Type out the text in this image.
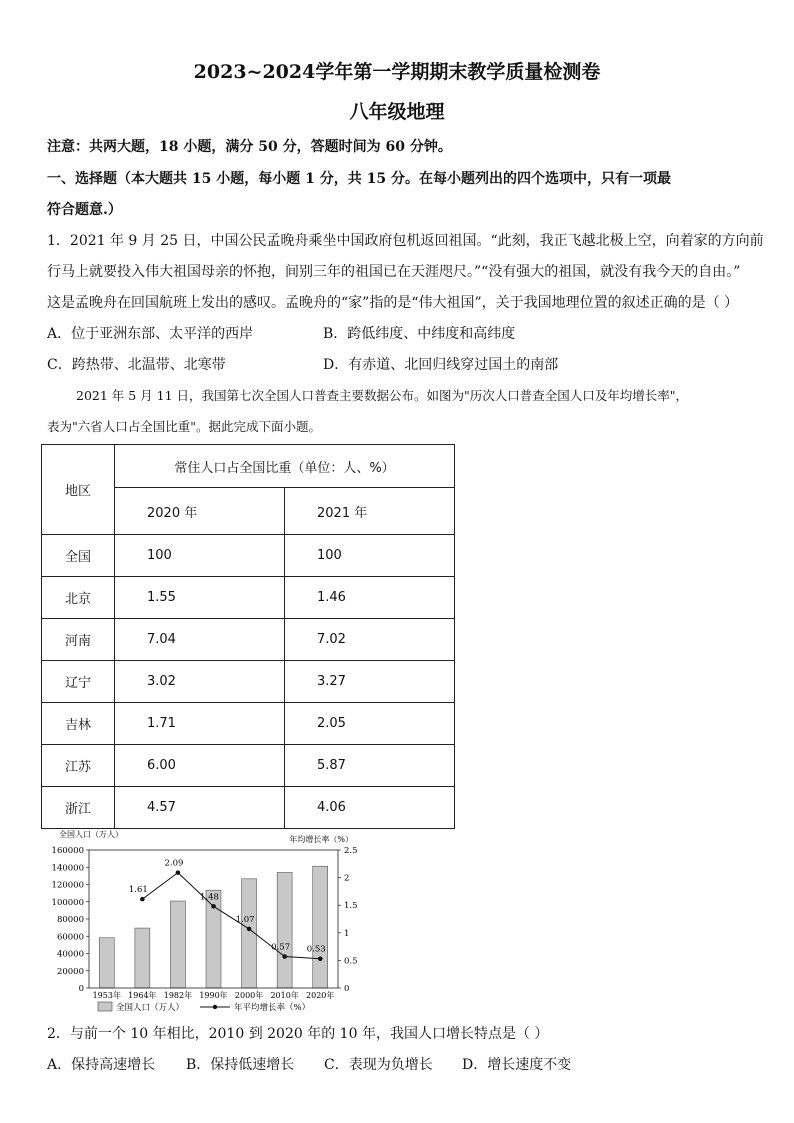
2023~2024学年第一学期期末教学质量检测卷
八年级地理
注意：共两大题，18 小题，满分 50 分，答题时间为 60 分钟。
一、选择题（本大题共 15 小题，每小题 1 分，共 15 分。在每小题列出的四个选项中，只有一项最
符合题意.）
1．2021 年 9 月 25 日，中国公民孟晚舟乘坐中国政府包机返回祖国。“此刻，我正飞越北极上空，向着家的方向前
行马上就要投入伟大祖国母亲的怀抱，间别三年的祖国已在天涯咫尺。”“没有强大的祖国，就没有我今天的自由。”
这是孟晚舟在回国航班上发出的感叹。孟晚舟的“家”指的是“伟大祖国”，关于我国地理位置的叙述正确的是（ ）
A．位于亚洲东部、太平洋的西岸	B．跨低纬度、中纬度和高纬度
C．跨热带、北温带、北寒带	D．有赤道、北回归线穿过国土的南部
2021 年 5 月 11 日，我国第七次全国人口普查主要数据公布。如图为"历次人口普查全国人口及年均增长率"，
表为"六省人口占全国比重"。据此完成下面小题。
地区	常住人口占全国比重（单位：人、%）	
	2020 年	2021 年
全国	100	100
北京	1.55	1.46
河南	7.04	7.02
辽宁	3.02	3.27
吉林	1.71	2.05
江苏	6.00	5.87
浙江	4.57	4.06
全国人口（万人）
年均增长率（%）
1.61
2.09
1.48
1.07
0.57 0.53
0
20000
40000
60000
80000
100000
120000
140000
160000
0
0.5
1
1.5
2
2.5
1953年 1964年 1982年 1990年 2000年 2010年 2020年
全国人口（万人）	年平均增长率（%）
2．与前一个 10 年相比，2010 到 2020 年的 10 年，我国人口增长特点是（ ）
A．保持高速增长 B．保持低速增长 C．表现为负增长 D．增长速度不变
